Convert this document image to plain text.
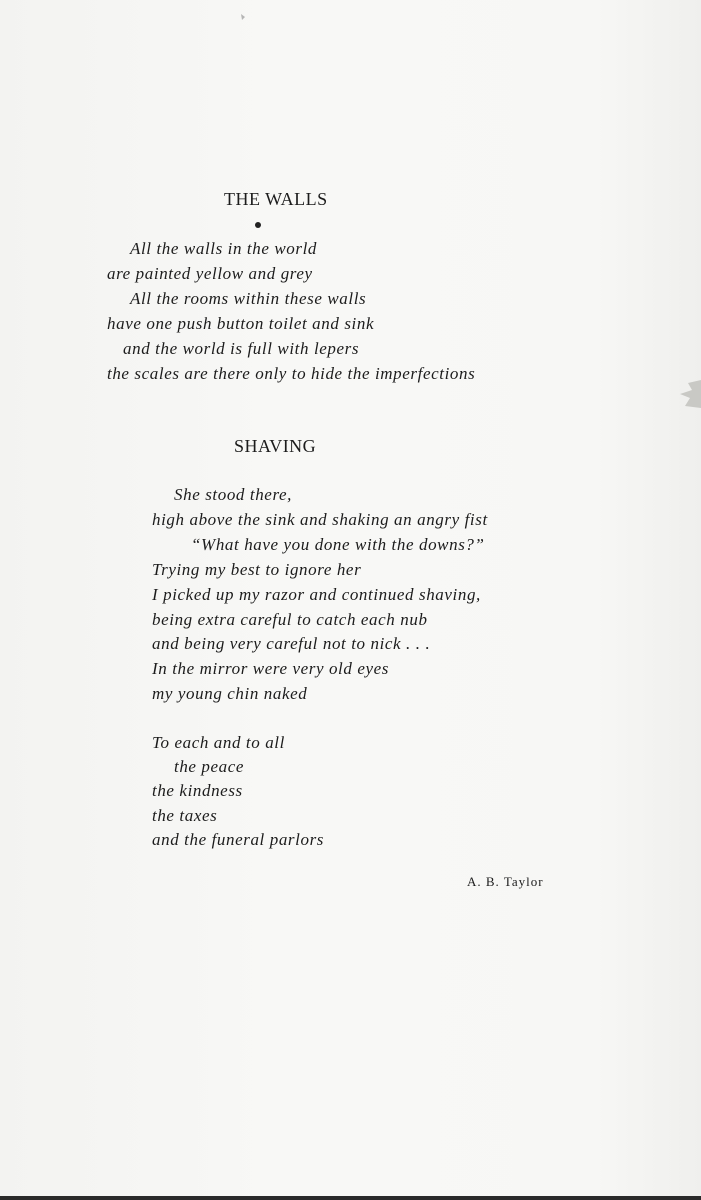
THE WALLS
All the walls in the world
are painted yellow and grey
All the rooms within these walls
have one push button toilet and sink
and the world is full with lepers
the scales are there only to hide the imperfections
SHAVING
She stood there,
high above the sink and shaking an angry fist
“What have you done with the downs?”
Trying my best to ignore her
I picked up my razor and continued shaving,
being extra careful to catch each nub
and being very careful not to nick . . .
In the mirror were very old eyes
my young chin naked
To each and to all
the peace
the kindness
the taxes
and the funeral parlors
A. B. Taylor
